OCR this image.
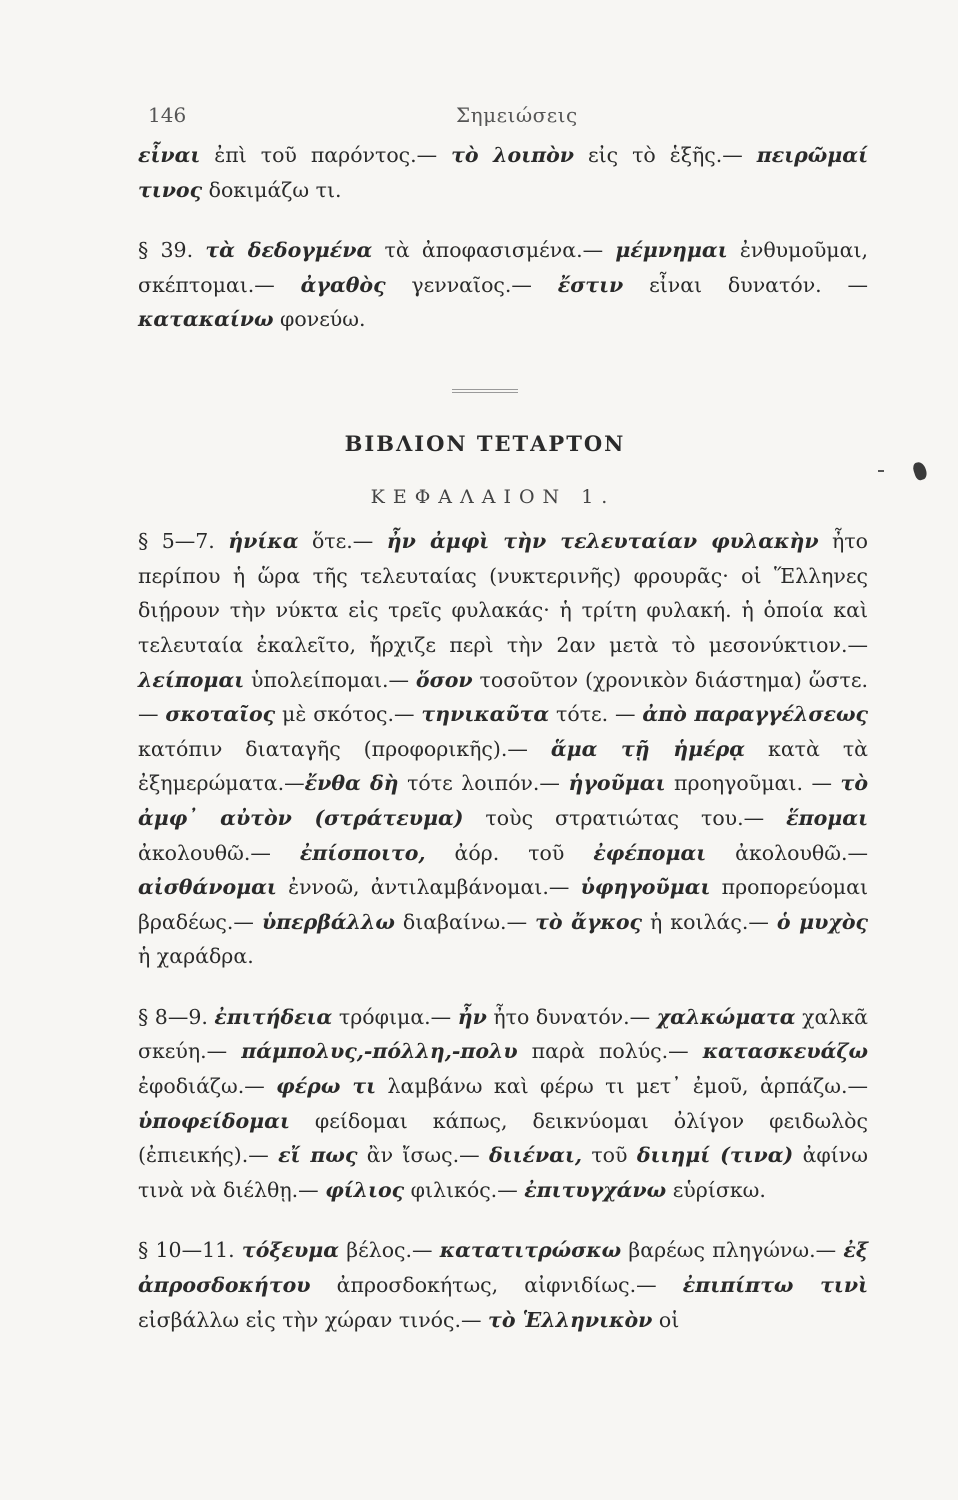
146	Σημειώσεις

εἶναι ἐπὶ τοῦ παρόντος.— τὸ λοιπὸν εἰς τὸ ἑξῆς.— πειρῶμαί τινος δοκιμάζω τι.

§ 39. τὰ δεδογμένα τὰ ἀποφασισμένα.— μέμνημαι ἐνθυμοῦμαι, σκέπτομαι.— ἀγαθὸς γενναῖος.— ἔστιν εἶναι δυνατόν. — κατακαίνω φονεύω.

ΒΙΒΛΙΟΝ ΤΕΤΑΡΤΟΝ

ΚΕΦΑΛΑΙΟΝ 1.

§ 5—7. ἡνίκα ὅτε.— ἦν ἀμφὶ τὴν τελευταίαν φυλακὴν ἦτο περίπου ἡ ὥρα τῆς τελευταίας (νυκτερινῆς) φρουρᾶς· οἱ Ἕλληνες διῄρουν τὴν νύκτα εἰς τρεῖς φυλακάς· ἡ τρίτη φυλακή. ἡ ὁποία καὶ τελευταία ἐκαλεῖτο, ἤρχιζε περὶ τὴν 2αν μετὰ τὸ μεσονύκτιον.— λείπομαι ὑπολείπομαι.— ὅσον τοσοῦτον (χρονικὸν διάστημα) ὥστε.— σκοταῖος μὲ σκότος.— τηνικαῦτα τότε. — ἀπὸ παραγγέλσεως κατόπιν διαταγῆς (προφορικῆς).— ἅμα τῇ ἡμέρᾳ κατὰ τὰ ἐξημερώματα.—ἔνθα δὴ τότε λοιπόν.— ἡγοῦμαι προηγοῦμαι. — τὸ ἀμφ᾽ αὐτὸν (στράτευμα) τοὺς στρατιώτας του.— ἕπομαι ἀκολουθῶ.— ἐπίσποιτο, ἀόρ. τοῦ ἐφέπομαι ἀκολουθῶ.— αἰσθάνομαι ἐννοῶ, ἀντιλαμβάνομαι.— ὑφηγοῦμαι προπορεύομαι βραδέως.— ὑπερβάλλω διαβαίνω.— τὸ ἄγκος ἡ κοιλάς.— ὁ μυχὸς ἡ χαράδρα.

§ 8—9. ἐπιτήδεια τρόφιμα.— ἦν ἦτο δυνατόν.— χαλκώματα χαλκᾶ σκεύη.— πάμπολυς,-πόλλη,-πολυ παρὰ πολύς.— κατασκευάζω ἐφοδιάζω.— φέρω τι λαμβάνω καὶ φέρω τι μετ᾽ ἐμοῦ, ἁρπάζω.— ὑποφείδομαι φείδομαι κάπως, δεικνύομαι ὀλίγον φειδωλὸς (ἐπιεικής).— εἴ πως ἂν ἴσως.— διιέναι, τοῦ διιημί (τινα) ἀφίνω τινὰ νὰ διέλθῃ.— φίλιος φιλικός.— ἐπιτυγχάνω εὑρίσκω.

§ 10—11. τόξευμα βέλος.— κατατιτρώσκω βαρέως πληγώνω.— ἐξ ἀπροσδοκήτου ἀπροσδοκήτως, αἰφνιδίως.— ἐπιπίπτω τινὶ εἰσβάλλω εἰς τὴν χώραν τινός.— τὸ Ἑλληνικὸν οἱ
